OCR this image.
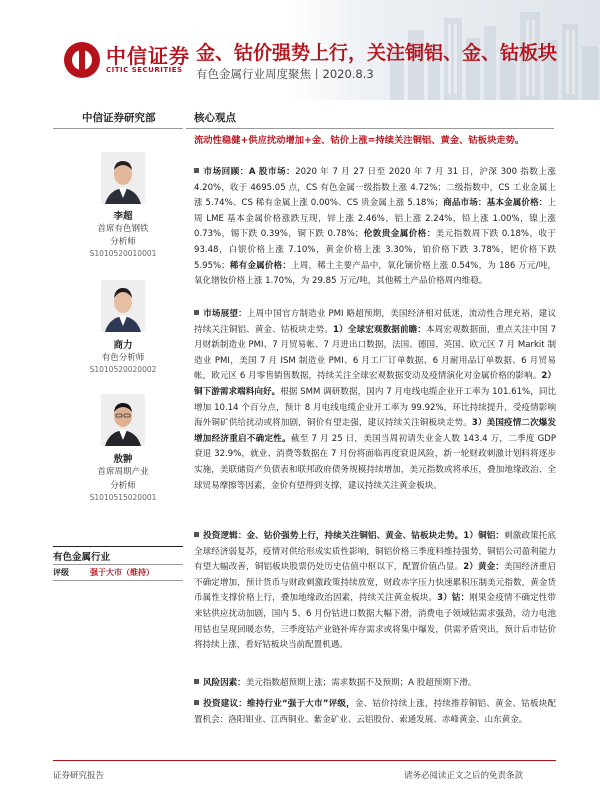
中信证券
CITIC SECURITIES
金、钴价强势上行，关注铜铝、金、钴板块
有色金属行业周度聚焦丨2020.8.3
中信证券研究部
李超
首席有色钢铁
分析师
S1010520010001
商力
有色分析师
S1010520020002
敖翀
首席周期产业
分析师
S1010515020001
有色金属行业
评级	强于大市（维持）
核心观点
流动性稳健+供应扰动增加+金、钴价上涨=持续关注铜铝、黄金、钴板块走势。
市场回顾：A 股市场：2020 年 7 月 27 日至 2020 年 7 月 31 日，沪深 300 指数上涨 4.20%，收于 4695.05 点，CS 有色金属一级指数上涨 4.72%；二级指数中，CS 工业金属上涨 5.74%、CS 稀有金属上涨 0.00%、CS 贵金属上涨 5.18%；商品市场：基本金属价格：上周 LME 基本金属价格涨跌互现，锌上涨 2.46%，铝上涨 2.24%，铅上涨 1.00%，镍上涨 0.73%，锡下跌 0.39%，铜下跌 0.78%；伦敦贵金属价格：美元指数周下跌 0.18%，收于 93.48，白银价格上涨 7.10%，黄金价格上涨 3.30%，铂价格下跌 3.78%，钯价格下跌 5.95%；稀有金属价格：上周，稀土主要产品中，氧化镝价格上涨 0.54%，为 186 万元/吨，氧化镨钕价格上涨 1.70%，为 29.85 万元/吨，其他稀土产品价格周内维稳。
市场展望：上周中国官方制造业 PMI 略超预期，美国经济相对低迷，流动性合理充裕，建议持续关注铜铝、黄金、钴板块走势。1）全球宏观数据前瞻：本周宏观数据面，重点关注中国 7 月财新制造业 PMI、7 月贸易帐、7 月进出口数据，法国、德国、英国、欧元区 7 月 Markit 制造业 PMI，美国 7 月 ISM 制造业 PMI、6 月工厂订单数据、6 月耐用品订单数据、6 月贸易帐，欧元区 6 月零售销售数据，持续关注全球宏观数据变动及疫情演化对金属价格的影响。2）铜下游需求端料向好。根据 SMM 调研数据，国内 7 月电线电缆企业开工率为 101.61%，同比增加 10.14 个百分点，预计 8 月电线电缆企业开工率为 99.92%，环比持续提升，受疫情影响海外铜矿供给扰动或将加剧，铜价有望走强，建议持续关注铜板块走势。3）美国疫情二次爆发增加经济重启不确定性。截至 7 月 25 日，美国当周初请失业金人数 143.4 万，二季度 GDP 衰退 32.9%，就业、消费等数据在 7 月份将面临再度衰退风险，新一轮财政刺激计划料将逐步实施，美联储资产负债表和联邦政府债务规模持续增加，美元指数或将承压，叠加地缘政治、全球贸易摩擦等因素，金价有望得到支撑，建议持续关注黄金板块。
投资逻辑：金、钴价强势上行，持续关注铜铝、黄金、钴板块走势。1）铜铝：刺激政策托底全球经济弱复苏，疫情对供给形成实质性影响，铜铝价格三季度料维持强势，铜铝公司盈利能力有望大幅改善，铜铝板块股票仍处历史估值中枢以下，配置价值凸显。2）黄金：美国经济重启不确定增加，预计货币与财政刺激政策持续放宽，财政赤字压力快速累积压制美元指数，黄金货币属性支撑价格上行，叠加地缘政治因素，持续关注黄金板块。3）钴：刚果金疫情不确定性带来钴供应扰动加剧，国内 5、6 月份钴进口数据大幅下滑，消费电子领域钴需求强劲，动力电池用钴也呈现回暖态势，三季度钴产业链补库存需求或将集中爆发，供需矛盾突出，预计后市钴价将持续上涨，看好钴板块当前配置机遇。
风险因素：美元指数超预期上涨；需求数据不及预期；A 股超预期下滑。
投资建议：维持行业“强于大市”评级，金、钴价持续上涨，持续推荐铜铝、黄金、钴板块配置机会：洛阳钼业、江西铜业、紫金矿业、云铝股份、索通发展、赤峰黄金、山东黄金。
证券研究报告	请务必阅读正文之后的免责条款
